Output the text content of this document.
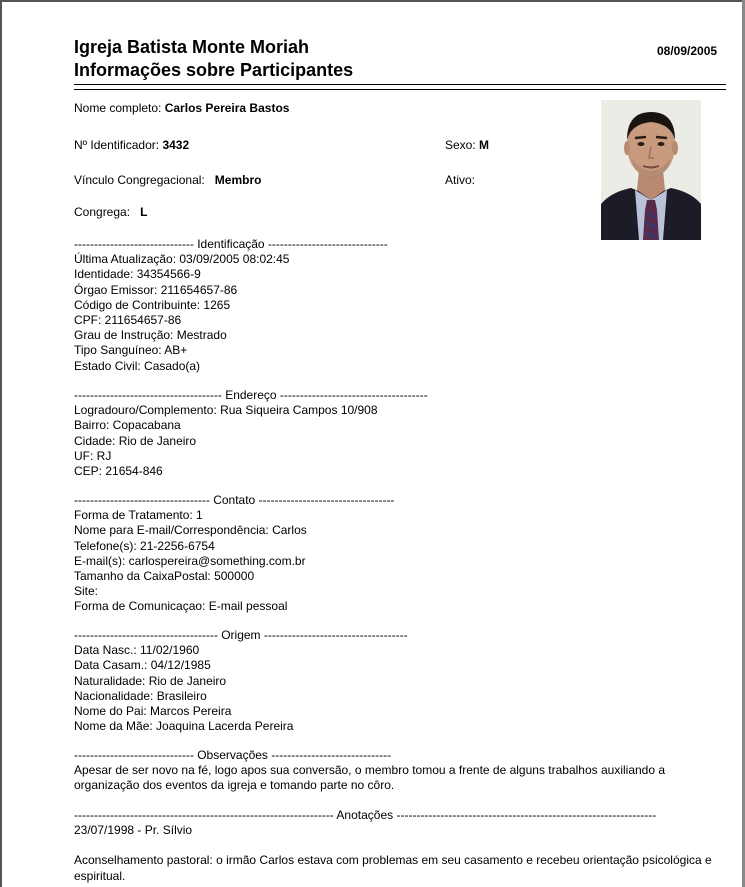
Igreja Batista Monte Moriah
Informações sobre Participantes
08/09/2005
Nome completo: Carlos Pereira Bastos
Nº Identificador: 3432	Sexo: M
Vínculo Congregacional: Membro	Ativo:
Congrega: L
------------------------------ Identificação ------------------------------
Última Atualização: 03/09/2005 08:02:45
Identidade: 34354566-9
Órgao Emissor: 211654657-86
Código de Contribuinte: 1265
CPF: 211654657-86
Grau de Instrução: Mestrado
Tipo Sanguíneo: AB+
Estado Civil: Casado(a)
------------------------------------- Endereço -------------------------------------
Logradouro/Complemento: Rua Siqueira Campos 10/908
Bairro: Copacabana
Cidade: Rio de Janeiro
UF: RJ
CEP: 21654-846
---------------------------------- Contato ----------------------------------
Forma de Tratamento: 1
Nome para E-mail/Correspondência: Carlos
Telefone(s): 21-2256-6754
E-mail(s): carlospereira@something.com.br
Tamanho da CaixaPostal: 500000
Site:
Forma de Comunicaçao: E-mail pessoal
------------------------------------ Origem ------------------------------------
Data Nasc.: 11/02/1960
Data Casam.: 04/12/1985
Naturalidade: Rio de Janeiro
Nacionalidade: Brasileiro
Nome do Pai: Marcos Pereira
Nome da Mãe: Joaquina Lacerda Pereira
------------------------------ Observações ------------------------------
Apesar de ser novo na fé, logo apos sua conversão, o membro tomou a frente de alguns trabalhos auxiliando a organização dos eventos da igreja e tomando parte no côro.
----------------------------------------------------------------- Anotações -----------------------------------------------------------------
23/07/1998 - Pr. Sílvio
Aconselhamento pastoral: o irmão Carlos estava com problemas em seu casamento e recebeu orientação psicológica e espiritual.
